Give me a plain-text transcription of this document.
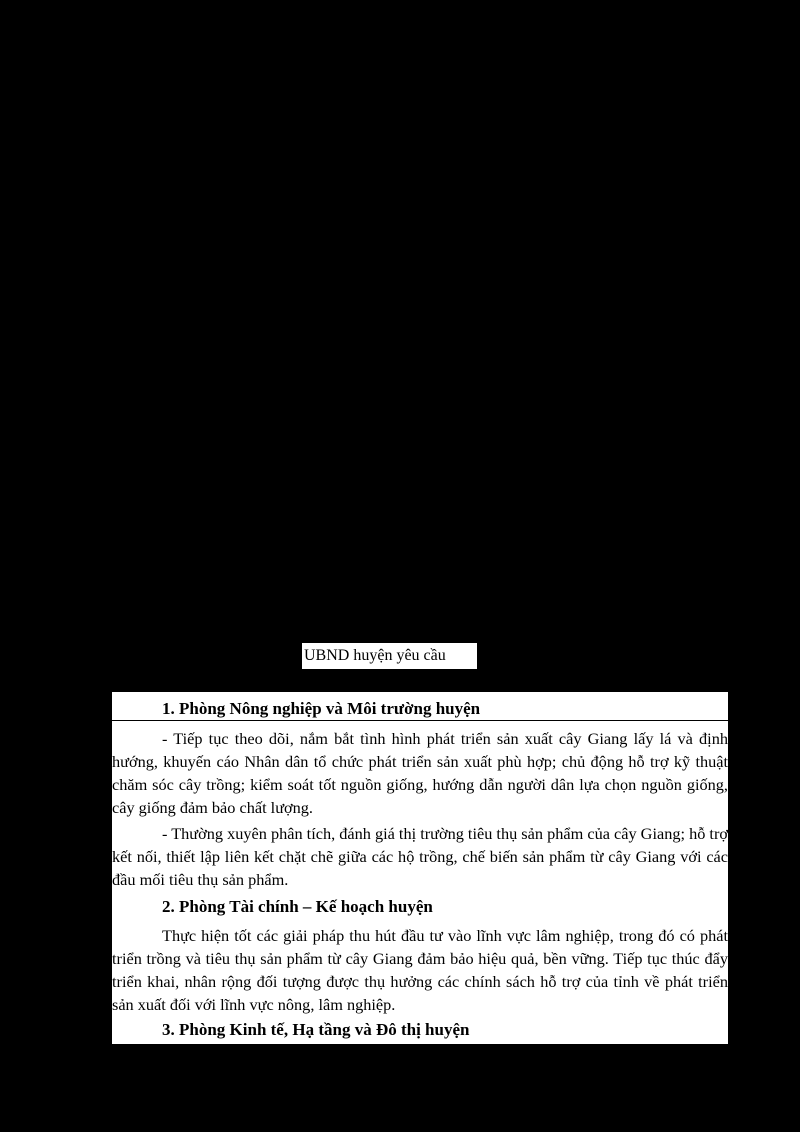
UBND huyện yêu cầu
1. Phòng Nông nghiệp và Môi trường huyện
- Tiếp tục theo dõi, nắm bắt tình hình phát triển sản xuất cây Giang lấy lá và định hướng, khuyến cáo Nhân dân tổ chức phát triển sản xuất phù hợp; chủ động hỗ trợ kỹ thuật chăm sóc cây trồng; kiểm soát tốt nguồn giống, hướng dẫn người dân lựa chọn nguồn giống, cây giống đảm bảo chất lượng.
- Thường xuyên phân tích, đánh giá thị trường tiêu thụ sản phẩm của cây Giang; hỗ trợ kết nối, thiết lập liên kết chặt chẽ giữa các hộ trồng, chế biến sản phẩm từ cây Giang với các đầu mối tiêu thụ sản phẩm.
2. Phòng Tài chính – Kế hoạch huyện
Thực hiện tốt các giải pháp thu hút đầu tư vào lĩnh vực lâm nghiệp, trong đó có phát triển trồng và tiêu thụ sản phẩm từ cây Giang đảm bảo hiệu quả, bền vững. Tiếp tục thúc đẩy triển khai, nhân rộng đối tượng được thụ hưởng các chính sách hỗ trợ của tỉnh về phát triển sản xuất đối với lĩnh vực nông, lâm nghiệp.
3. Phòng Kinh tế, Hạ tầng và Đô thị huyện
